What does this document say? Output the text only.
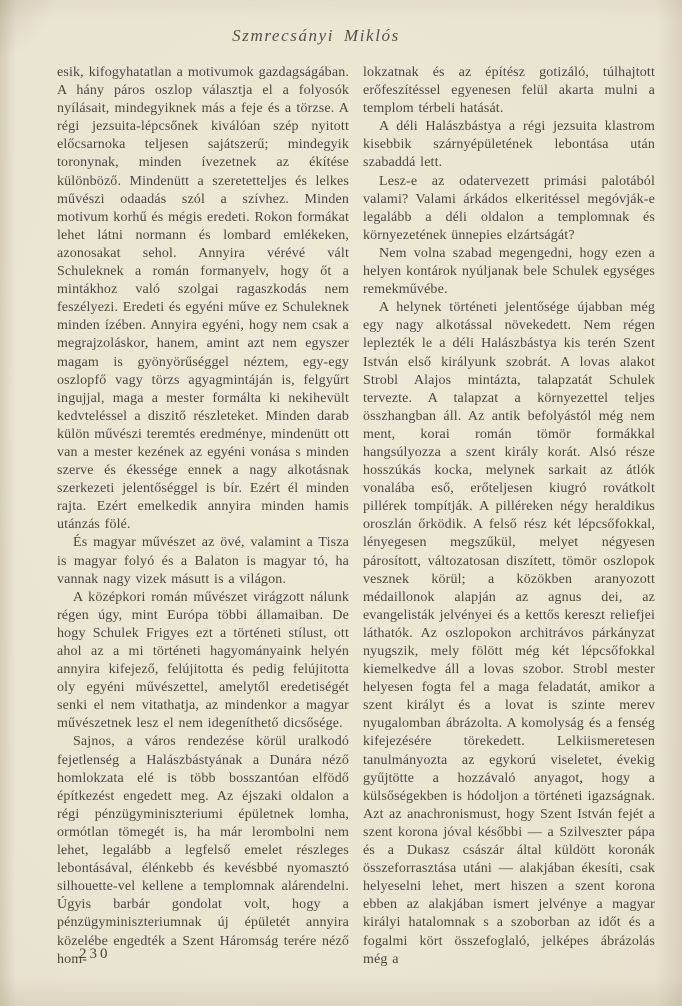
Szmrecsányi Miklós

esik, kifogyhatatlan a motivumok gazdagságában. A hány páros oszlop választja el a folyosók nyílásait, mindegyiknek más a feje és a törzse. A régi jezsuita-lépcsőnek kiválóan szép nyitott előcsarnoka teljesen sajátszerű; mindegyik toronynak, minden ívezetnek az ékítése különböző. Mindenütt a szeretetteljes és lelkes művészi odaadás szól a szívhez. Minden motivum korhű és mégis eredeti. Rokon formákat lehet látni normann és lombard emlékeken, azonosakat sehol. Annyira vérévé vált Schuleknek a román formanyelv, hogy őt a mintákhoz való szolgai ragaszkodás nem feszélyezi. Eredeti és egyéni műve ez Schuleknek minden ízében. Annyira egyéni, hogy nem csak a megrajzoláskor, hanem, amint azt nem egyszer magam is gyönyörűséggel néztem, egy-egy oszlopfő vagy törzs agyagmintáján is, felgyűrt ingujjal, maga a mester formálta ki nekihevült kedvteléssel a diszitő részleteket. Minden darab külön művészi teremtés eredménye, mindenütt ott van a mester kezének az egyéni vonása s minden szerve és ékessége ennek a nagy alkotásnak szerkezeti jelentőséggel is bír. Ezért él minden rajta. Ezért emelkedik annyira minden hamis utánzás fölé.

És magyar művészet az övé, valamint a Tisza is magyar folyó és a Balaton is magyar tó, ha vannak nagy vizek másutt is a világon.

A középkori román művészet virágzott nálunk régen úgy, mint Európa többi államaiban. De hogy Schulek Frigyes ezt a történeti stílust, ott ahol az a mi történeti hagyományaink helyén annyira kifejező, felújitotta és pedig felújitotta oly egyéni művészettel, amelytől eredetiségét senki el nem vitathatja, az mindenkor a magyar művészetnek lesz el nem idegeníthető dicsősége.

Sajnos, a város rendezése körül uralkodó fejetlenség a Halászbástyának a Dunára néző homlokzata elé is több bosszantóan elfödő építkezést engedett meg. Az éjszaki oldalon a régi pénzügyminiszteriumi épületnek lomha, ormótlan tömegét is, ha már lerombolni nem lehet, legalább a legfelső emelet részleges lebontásával, élénkebb és kevésbbé nyomasztó silhouette-vel kellene a templomnak alárendelni. Úgyis barbár gondolat volt, hogy a pénzügyminiszteriumnak új épületét annyira közelébe engedték a Szent Háromság terére néző hom-

lokzatnak és az építész gotizáló, túlhajtott erőfeszítéssel egyenesen felül akarta mulni a templom térbeli hatását.

A déli Halászbástya a régi jezsuita klastrom kisebbik szárnyépületének lebontása után szabaddá lett.

Lesz-e az odatervezett primási palotából valami? Valami árkádos elkeritéssel megóvják-e legalább a déli oldalon a templomnak és környezetének ünnepies elzártságát?

Nem volna szabad megengedni, hogy ezen a helyen kontárok nyúljanak bele Schulek egységes remekművébe.

A helynek történeti jelentősége újabban még egy nagy alkotással növekedett. Nem régen leplezték le a déli Halászbástya kis terén Szent István első királyunk szobrát. A lovas alakot Strobl Alajos mintázta, talapzatát Schulek tervezte. A talapzat a környezettel teljes összhangban áll. Az antik befolyástól még nem ment, korai román tömör formákkal hangsúlyozza a szent király korát. Alsó része hosszúkás kocka, melynek sarkait az átlók vonalába eső, erőteljesen kiugró rovátkolt pillérek tompítják. A pilléreken négy heraldikus oroszlán őrködik. A felső rész két lépcsőfokkal, lényegesen megszűkül, melyet négyesen párosított, változatosan diszített, tömör oszlopok vesznek körül; a közökben aranyozott médaillonok alapján az agnus dei, az evangelisták jelvényei és a kettős kereszt reliefjei láthatók. Az oszlopokon architrávos párkányzat nyugszik, mely fölött még két lépcsőfokkal kiemelkedve áll a lovas szobor. Strobl mester helyesen fogta fel a maga feladatát, amikor a szent királyt és a lovat is szinte merev nyugalomban ábrázolta. A komolyság és a fenség kifejezésére törekedett. Lelkiismeretesen tanulmányozta az egykorú viseletet, évekig gyűjtötte a hozzávaló anyagot, hogy a külsőségekben is hódoljon a történeti igazságnak. Azt az anachronismust, hogy Szent István fejét a szent korona jóval későbbi — a Szilveszter pápa és a Dukasz császár által küldött koronák összeforrasztása utáni — alakjában ékesíti, csak helyeselni lehet, mert hiszen a szent korona ebben az alakjában ismert jelvénye a magyar királyi hatalomnak s a szoborban az időt és a fogalmi kört összefoglaló, jelképes ábrázolás még a

230
